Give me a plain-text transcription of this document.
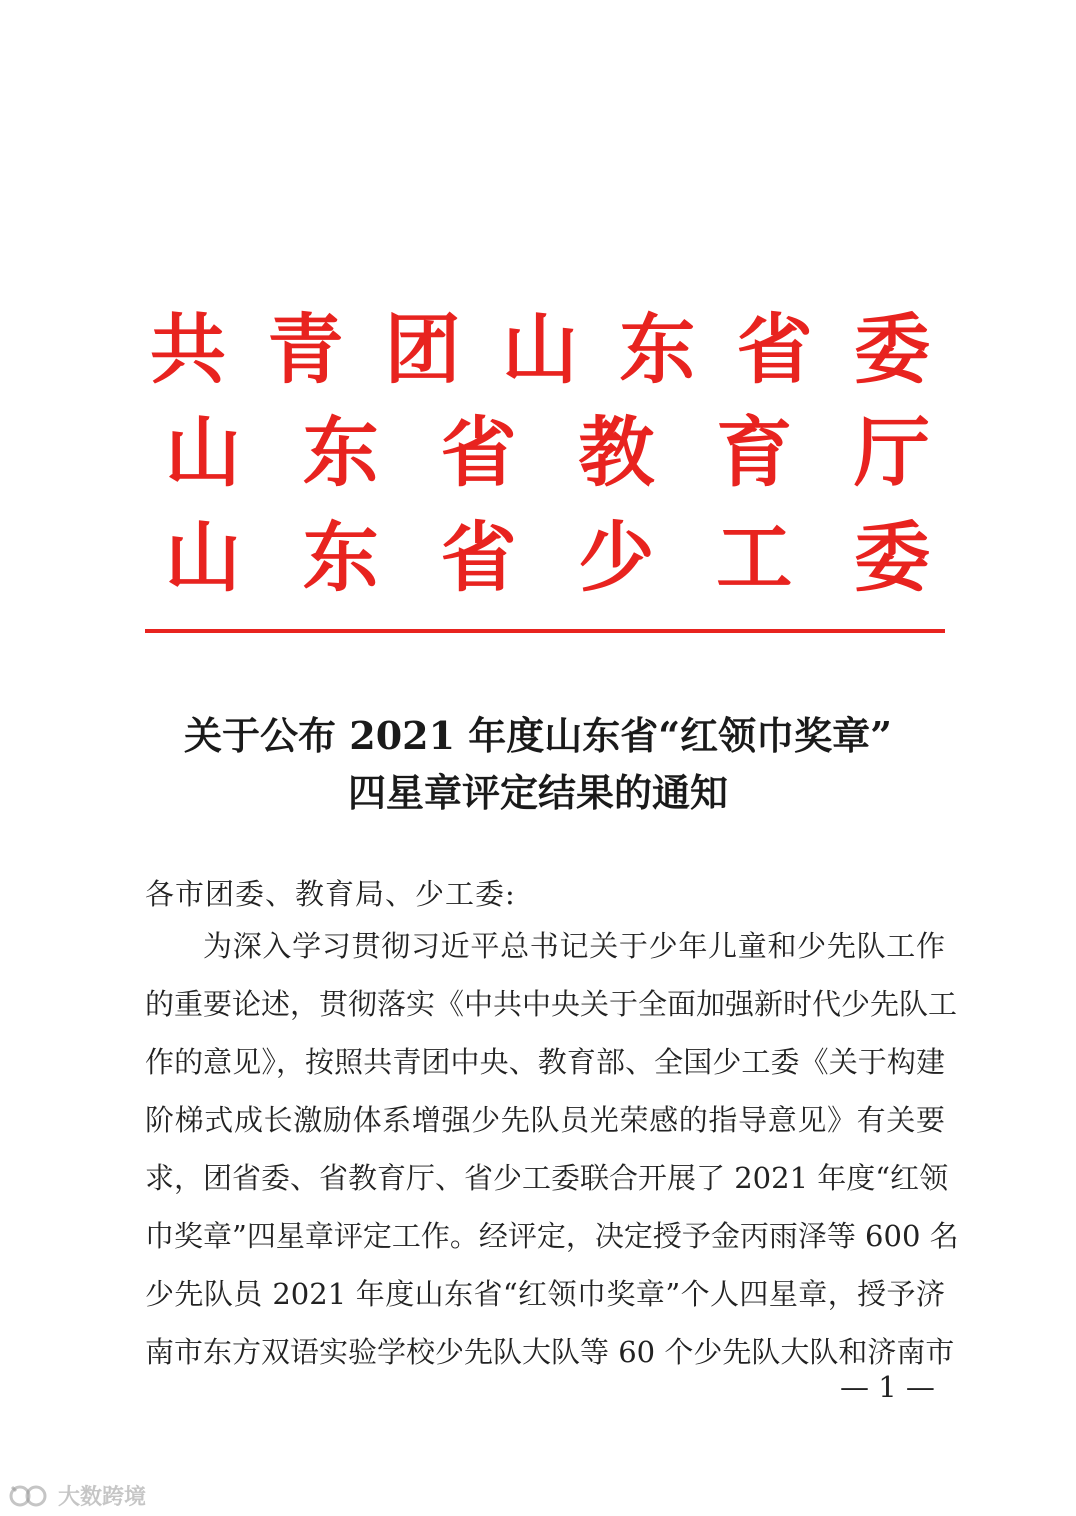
共 青 团 山 东 省 委
山 东 省 教 育 厅
山 东 省 少 工 委
关于公布 2021 年度山东省“红领巾奖章”
四星章评定结果的通知
各市团委、教育局、少工委:
为深入学习贯彻习近平总书记关于少年儿童和少先队工作
的重要论述，贯彻落实《中共中央关于全面加强新时代少先队工
作的意见》，按照共青团中央、教育部、全国少工委《关于构建
阶梯式成长激励体系增强少先队员光荣感的指导意见》有关要
求，团省委、省教育厅、省少工委联合开展了 2021 年度“红领
巾奖章”四星章评定工作。经评定，决定授予金丙雨泽等 600 名
少先队员 2021 年度山东省“红领巾奖章”个人四星章，授予济
南市东方双语实验学校少先队大队等 60 个少先队大队和济南市
— 1 —
大数跨境
